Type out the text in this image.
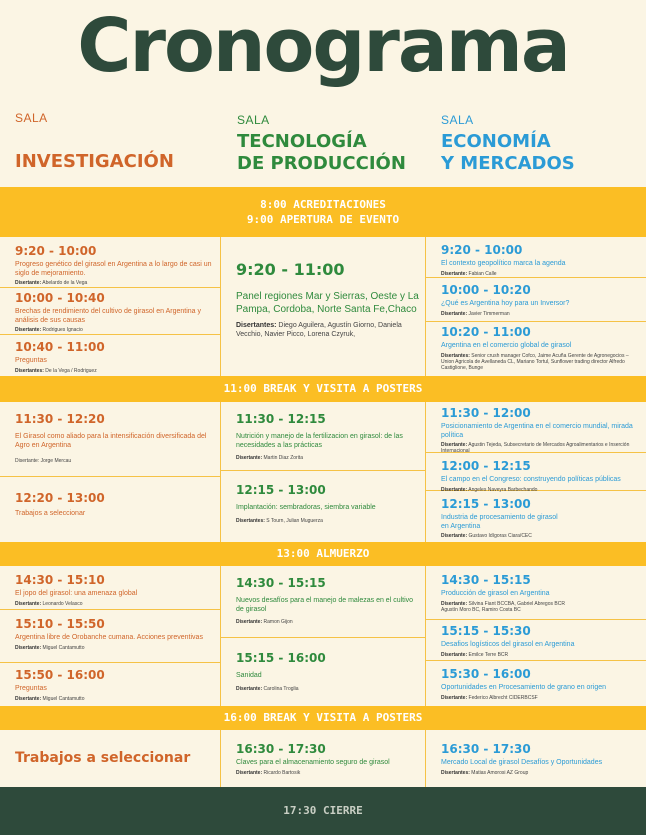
Cronograma
SALA
INVESTIGACIÓN
SALA
TECNOLOGÍA
DE PRODUCCIÓN
SALA
ECONOMÍA
Y MERCADOS
8:00 ACREDITACIONES
9:00 APERTURA DE EVENTO
11:00 BREAK Y VISITA A POSTERS
13:00 ALMUERZO
16:00 BREAK Y VISITA A POSTERS
9:20 - 10:00
Progreso genético del girasol en Argentina a lo largo de casi un siglo de mejoramiento.
Disertante: Abelardo de la Vega
10:00 - 10:40
Brechas de rendimiento del cultivo de girasol en Argentina y análisis de sus causas
Disertante: Rodrigues Ignacio
10:40 - 11:00
Preguntas
Disertantes: De la Vega / Rodriguez
11:30 - 12:20
El Girasol como aliado para la intensificación diversificada del Agro en Argentina
Disertante: Jorge Mercau
12:20 - 13:00
Trabajos a seleccionar
14:30 - 15:10
El jopo del girasol: una amenaza global
Disertante: Leonardo Velasco
15:10 - 15:50
Argentina libre de Orobanche cumana. Acciones preventivas
Disertante: Miguel Cantamutto
15:50 - 16:00
Preguntas
Disertante: Miguel Cantamutto
Trabajos a seleccionar
9:20 - 11:00
Panel regiones Mar y Sierras, Oeste y La Pampa, Cordoba, Norte Santa Fe,Chaco
Disertantes: Diego Aguilera, Agustín Giorno, Daniela Vecchio, Navier Picco, Lorena Czyruk,
11:30 - 12:15
Nutrición y manejo de la fertilizacion en girasol: de las necesidades a las prácticas
Disertante: Martin Diaz Zorita
12:15 - 13:00
Implantación: sembradoras, siembra variable
Disertantes: S Tourn, Julian Muguerza
14:30 - 15:15
Nuevos desafíos para el manejo de malezas en el cultivo de girasol
Disertante: Ramon Gijon
15:15 - 16:00
Sanidad
Disertante: Carolina Troglia
16:30 - 17:30
Claves para el almacenamiento seguro de girasol
Disertante: Ricardo Bartosik
9:20 - 10:00
El contexto geopolítico marca la agenda
Disertante: Fabian Calle
10:00 - 10:20
¿Qué es Argentina hoy para un Inversor?
Disertante: Javier Timmerman
10:20 - 11:00
Argentina en el comercio global de girasol
Disertantes: Senior crush manager Cofco, Jaime Acuña Gerente de Agronegocios – Union Agricola de Avellaneda CL, Mariano Tortul, Sunflower trading director Alfredo Castiglione, Bunge
11:30 - 12:00
Posicionamiento de Argentina en el comercio mundial, mirada política
Disertante: Agustin Tejeda, Subsecretario de Mercados Agroalimentarios e Inserción Internacional
12:00 - 12:15
El campo en el Congreso: construyendo políticas públicas
Disertante: Angeles Naveyra Barbechando
12:15 - 13:00
Industria de procesamiento de girasol en Argentina
Disertante: Gustavo Idígoras Ciara/CEC
14:30 - 15:15
Producción de girasol en Argentina
Disertante: Silvina Fiant BCCBA, Gabriel Abregos BCR Agustín Moro BC, Ramiro Costa BC
15:15 - 15:30
Desafios logísticos del girasol en Argentina
Disertante: Emilce Terre BCR
15:30 - 16:00
Oportunidades en Procesamiento de grano en origen
Disertante: Federico Albrecht CIDERBCSF
16:30 - 17:30
Mercado Local de girasol Desafíos y Oportunidades
Disertantes: Matias Amorosi AZ Group
17:30 CIERRE
